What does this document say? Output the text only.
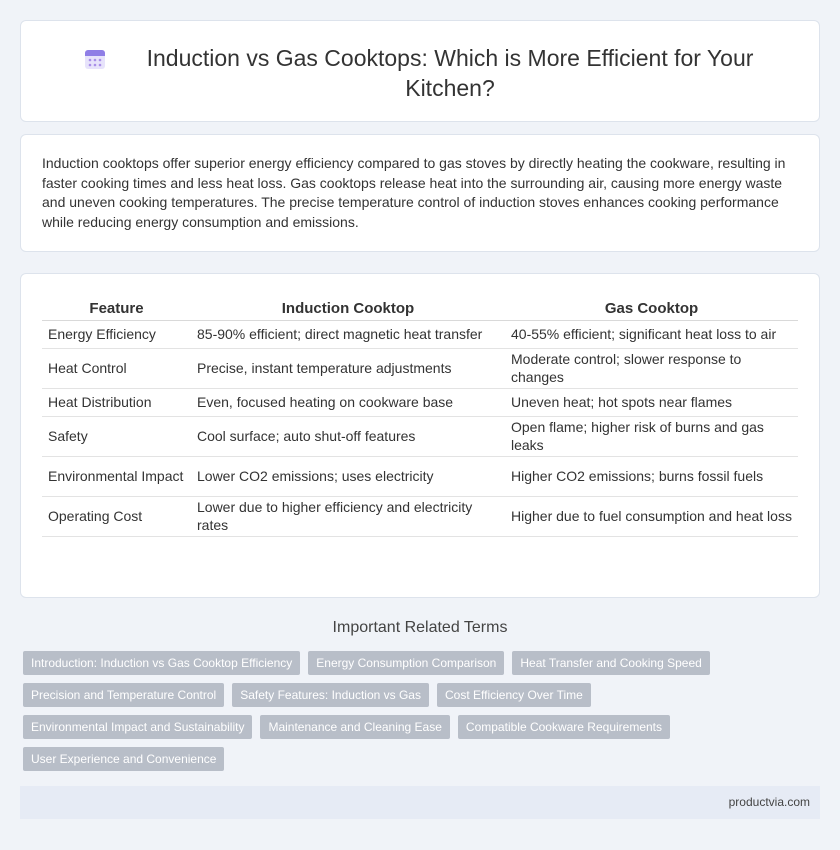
Induction vs Gas Cooktops: Which is More Efficient for Your Kitchen?

Induction cooktops offer superior energy efficiency compared to gas stoves by directly heating the cookware, resulting in faster cooking times and less heat loss. Gas cooktops release heat into the surrounding air, causing more energy waste and uneven cooking temperatures. The precise temperature control of induction stoves enhances cooking performance while reducing energy consumption and emissions.

Feature	Induction Cooktop	Gas Cooktop
Energy Efficiency	85-90% efficient; direct magnetic heat transfer	40-55% efficient; significant heat loss to air
Heat Control	Precise, instant temperature adjustments	Moderate control; slower response to changes
Heat Distribution	Even, focused heating on cookware base	Uneven heat; hot spots near flames
Safety	Cool surface; auto shut-off features	Open flame; higher risk of burns and gas leaks
Environmental Impact	Lower CO2 emissions; uses electricity	Higher CO2 emissions; burns fossil fuels
Operating Cost	Lower due to higher efficiency and electricity rates	Higher due to fuel consumption and heat loss
Important Related Terms
Introduction: Induction vs Gas Cooktop Efficiency	Energy Consumption Comparison	Heat Transfer and Cooking Speed
Precision and Temperature Control	Safety Features: Induction vs Gas	Cost Efficiency Over Time
Environmental Impact and Sustainability	Maintenance and Cleaning Ease	Compatible Cookware Requirements
User Experience and Convenience
productvia.com
